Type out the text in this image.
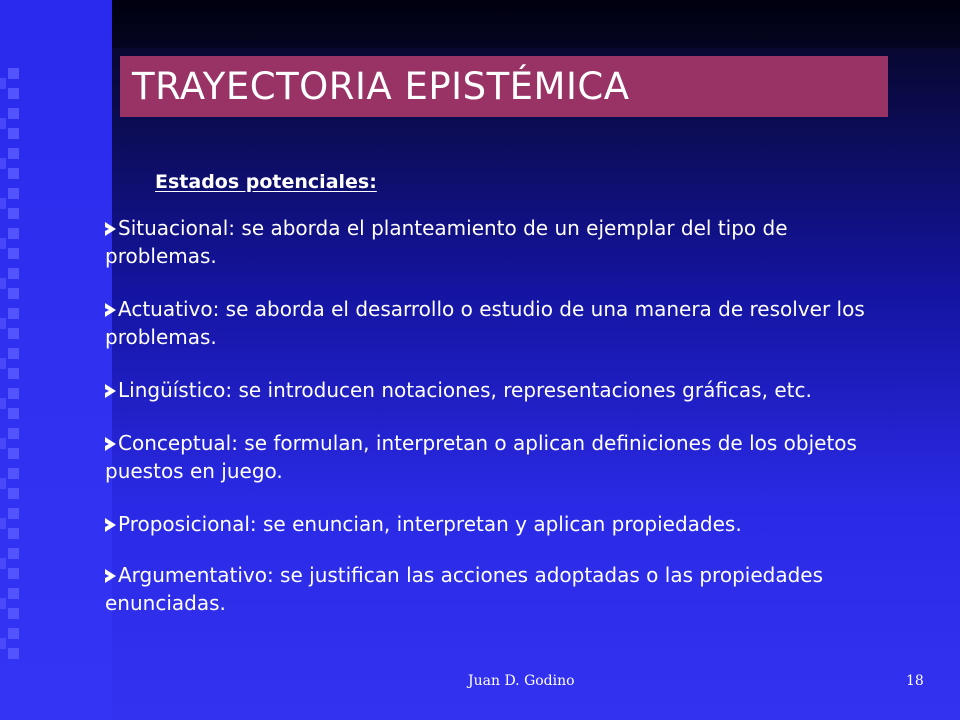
TRAYECTORIA EPISTÉMICA
Estados potenciales:
Situacional: se aborda el planteamiento de un ejemplar del tipo de problemas.
Actuativo: se aborda el desarrollo o estudio de una manera de resolver los problemas.
Lingüístico: se introducen notaciones, representaciones gráficas, etc.
Conceptual: se formulan, interpretan o aplican definiciones de los objetos puestos en juego.
Proposicional: se enuncian, interpretan y aplican propiedades.
Argumentativo: se justifican las acciones adoptadas o las propiedades enunciadas.
Juan D. Godino	18
